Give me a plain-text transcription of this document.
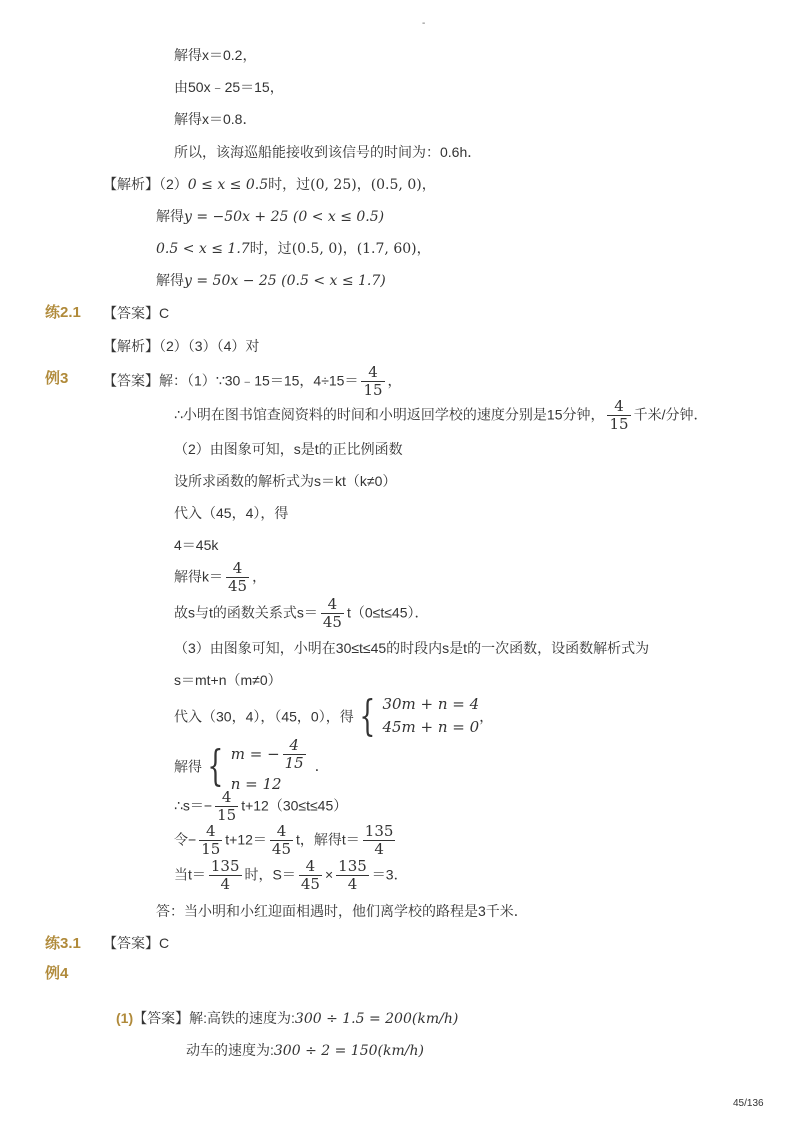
-
解得x＝0.2，
由50x﹣25＝15，
解得x＝0.8．
所以，该海巡船能接收到该信号的时间为：0.6h．
【解析】（2）0 ≤ x ≤ 0.5时，过(0, 25)，(0.5, 0)，
解得y = −50x + 25 (0 < x ≤ 0.5)
0.5 < x ≤ 1.7时，过(0.5, 0)，(1.7, 60)，
解得y = 50x − 25 (0.5 < x ≤ 1.7)
练2.1 【答案】C
【解析】（2）（3）（4）对
例3 【答案】解：（1）∵30﹣15＝15，$4\div 15= \frac{4}{15}$ ，
∴小明在图书馆查阅资料的时间和小明返回学校的速度分别是15分钟， $\frac{4}{15}$ 千米/分钟．
（2）由图象可知，s是t的正比例函数
设所求函数的解析式为s＝kt（k≠0）
代入（45，4），得
4＝45k
解得$k= \frac{4}{45}$ ，
故s与t的函数关系式$s= \frac{4}{45} t(0\le t\le 45)$．
（3）由图象可知，小明在30≤t≤45的时段内s是t的一次函数，设函数解析式为
s＝mt+n（m≠0）
代入（30，4），（45，0），得 { 30m + n = 4
45m + n = 0
，
解得 { m = − $\frac{4}{15}$
n = 12
．
∴s＝− $\frac{4}{15} t+12(30\le t\le 45)$
令− $\frac{4}{15} t+12= \frac{4}{45}$ t，解得$t= \frac{135}{4}$
当$t= \frac{135}{4}$ 时，$S= \frac{4}{45} \times \frac{135}{4} =3$．
答：当小明和小红迎面相遇时，他们离学校的路程是3千米．
练3.1 【答案】C
例4
(1)【答案】解:高铁的速度为:300 ÷ 1.5 = 200(km/h)
动车的速度为:300 ÷ 2 = 150(km/h)
45/136
